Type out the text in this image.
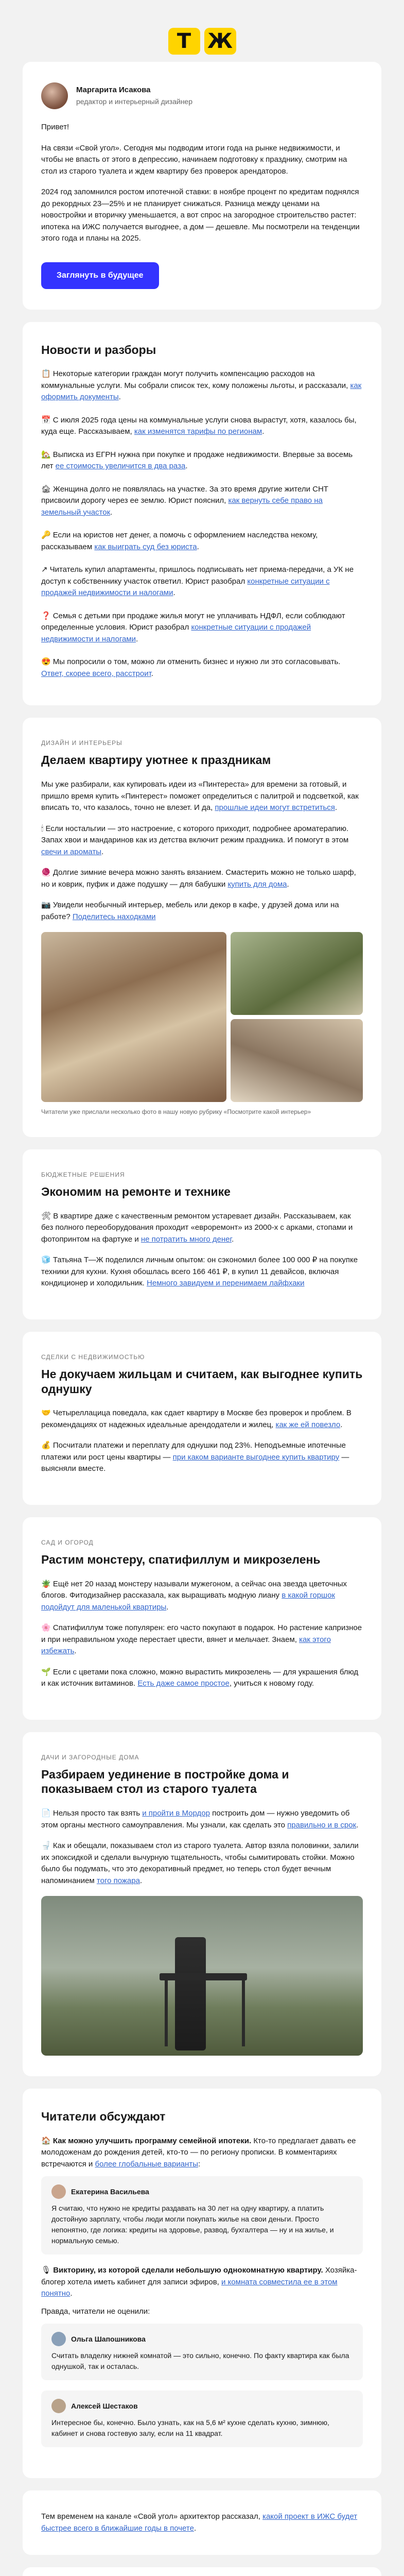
Т Ж
Маргарита Исакова
редактор и интерьерный дизайнер

Привет!

На связи «Свой угол». Сегодня мы подводим итоги года на рынке недвижимости, и чтобы не впасть от этого в депрессию, начинаем подготовку к празднику, смотрим на стол из старого туалета и ждем квартиру без проверок арендаторов.

2024 год запомнился ростом ипотечной ставки: в ноябре процент по кредитам поднялся до рекордных 23—25% и не планирует снижаться. Разница между ценами на новостройки и вторичку уменьшается, а вот спрос на загородное строительство растет: ипотека на ИЖС получается выгоднее, а дом — дешевле. Мы посмотрели на тенденции этого года и планы на 2025.

Заглянуть в будущее
Новости и разборы

📋 Некоторые категории граждан могут получить компенсацию расходов на коммунальные услуги. Мы собрали список тех, кому положены льготы, и рассказали, как оформить документы.

📅 С июля 2025 года цены на коммунальные услуги снова вырастут, хотя, казалось бы, куда еще. Рассказываем, как изменятся тарифы по регионам.

🏡 Выписка из ЕГРН нужна при покупке и продаже недвижимости. Впервые за восемь лет ее стоимость увеличится в два раза.

🏚 Женщина долго не появлялась на участке. За это время другие жители СНТ присвоили дорогу через ее землю. Юрист пояснил, как вернуть себе право на земельный участок.

🔑 Если на юристов нет денег, а помочь с оформлением наследства некому, рассказываем как выиграть суд без юриста.

↗ Читатель купил апартаменты, пришлось подписывать нет приема-передачи, а УК не доступ к собственнику участок ответил. Юрист разобрал конкретные ситуации с продажей недвижимости и налогами.

❓ Семья с детьми при продаже жилья могут не уплачивать НДФЛ, если соблюдают определенные условия. Юрист разобрал конкретные ситуации с продажей недвижимости и налогами.

😍 Мы попросили о том, можно ли отменить бизнес и нужно ли это согласовывать. Ответ, скорее всего, расстроит.

ДИЗАЙН И ИНТЕРЬЕРЫ
Делаем квартиру уютнее к праздникам

Мы уже разбирали, как купировать идеи из «Пинтереста» для времени за готовый, и пришло время купить «Пинтерест» поможет определиться с палитрой и подсветкой, как вписать то, что казалось, точно не влезет. И да, прошлые идеи могут встретиться.

🕯 Если ностальгии — это настроение, с которого приходит, подробнее ароматерапию. Запах хвои и мандаринов как из детства включит режим праздника. И помогут в этом свечи и ароматы.

🧶 Долгие зимние вечера можно занять вязанием. Смастерить можно не только шарф, но и коврик, пуфик и даже подушку — для бабушки купить для дома.

📷 Увидели необычный интерьер, мебель или декор в кафе, у друзей дома или на работе? Поделитесь находками

Читатели уже прислали несколько фото в нашу новую рубрику «Посмотрите какой интерьер»
БЮДЖЕТНЫЕ РЕШЕНИЯ
Экономим на ремонте и технике

🛠 В квартире даже с качественным ремонтом устаревает дизайн. Рассказываем, как без полного переоборудования проходит «евроремонт» из 2000-х с арками, стопами и фотопринтом на фартуке и не потратить много денег.

🧊 Татьяна Т—Ж поделился личным опытом: он сэкономил более 100 000 ₽ на покупке техники для кухни. Кухня обошлась всего 166 461 ₽, в купил 11 девайсов, включая кондиционер и холодильник. Немного завидуем и перенимаем лайфхаки

СДЕЛКИ С НЕДВИЖИМОСТЬЮ
Не докучаем жильцам и считаем, как выгоднее купить однушку

🤝 Четыреллацица поведала, как сдает квартиру в Москве без проверок и проблем. В рекомендациях от надежных идеальные арендодатели и жилец, как же ей повезло.

💰 Посчитали платежи и переплату для однушки под 23%. Неподъемные ипотечные платежи или рост цены квартиры — при каком варианте выгоднее купить квартиру — выясняли вместе.

САД И ОГОРОД
Растим монстеру, спатифиллум и микрозелень

🪴 Ещё нет 20 назад монстеру называли мужегоном, а сейчас она звезда цветочных блогов. Фитодизайнер рассказала, как выращивать модную лиану в какой горшок подойдут для маленькой квартиры.

🌸 Спатифиллум тоже популярен: его часто покупают в подарок. Но растение капризное и при неправильном уходе перестает цвести, вянет и мельчает. Знаем, как этого избежать.

🌱 Если с цветами пока сложно, можно вырастить микрозелень — для украшения блюд и как источник витаминов. Есть даже самое простое, учиться к новому году.

ДАЧИ И ЗАГОРОДНЫЕ ДОМА
Разбираем уединение в постройке дома и показываем стол из старого туалета

📄 Нельзя просто так взять и пройти в Мордор построить дом — нужно уведомить об этом органы местного самоуправления. Мы узнали, как сделать это правильно и в срок.

🚽 Как и обещали, показываем стол из старого туалета. Автор взяла половинки, залили их эпоксидкой и сделали вычурную тщательность, чтобы сымитировать стойки. Можно было бы подумать, что это декоративный предмет, но теперь стол будет вечным напоминанием того пожара.

Читатели обсуждают

🏠 Как можно улучшить программу семейной ипотеки. Кто-то предлагает давать ее молодоженам до рождения детей, кто-то — по региону прописки. В комментариях встречаются и более глобальные варианты:

Екатерина Васильева

Я считаю, что нужно не кредиты раздавать на 30 лет на одну квартиру, а платить достойную зарплату, чтобы люди могли покупать жилье на свои деньги. Просто непонятно, где логика: кредиты на здоровье, развод, бухгалтера — ну и на жилье, и нормальную семью.

🎙 Викторину, из которой сделали небольшую однокомнатную квартиру. Хозяйка-блогер хотела иметь кабинет для записи эфиров, и комната совместила ее в этом понятно.

Правда, читатели не оценили:

Ольга Шапошникова

Считать владелку нижней комнатой — это сильно, конечно. По факту квартира как была однушкой, так и осталась.

Алексей Шестаков

Интересное бы, конечно. Было узнать, как на 5,6 м² кухне сделать кухню, зимнюю, кабинет и снова гостевую залу, если на 11 квадрат.

Тем временем на канале «Свой угол» архитектор рассказал, какой проект в ИЖС будет быстрее всего в ближайшие годы в почете.
